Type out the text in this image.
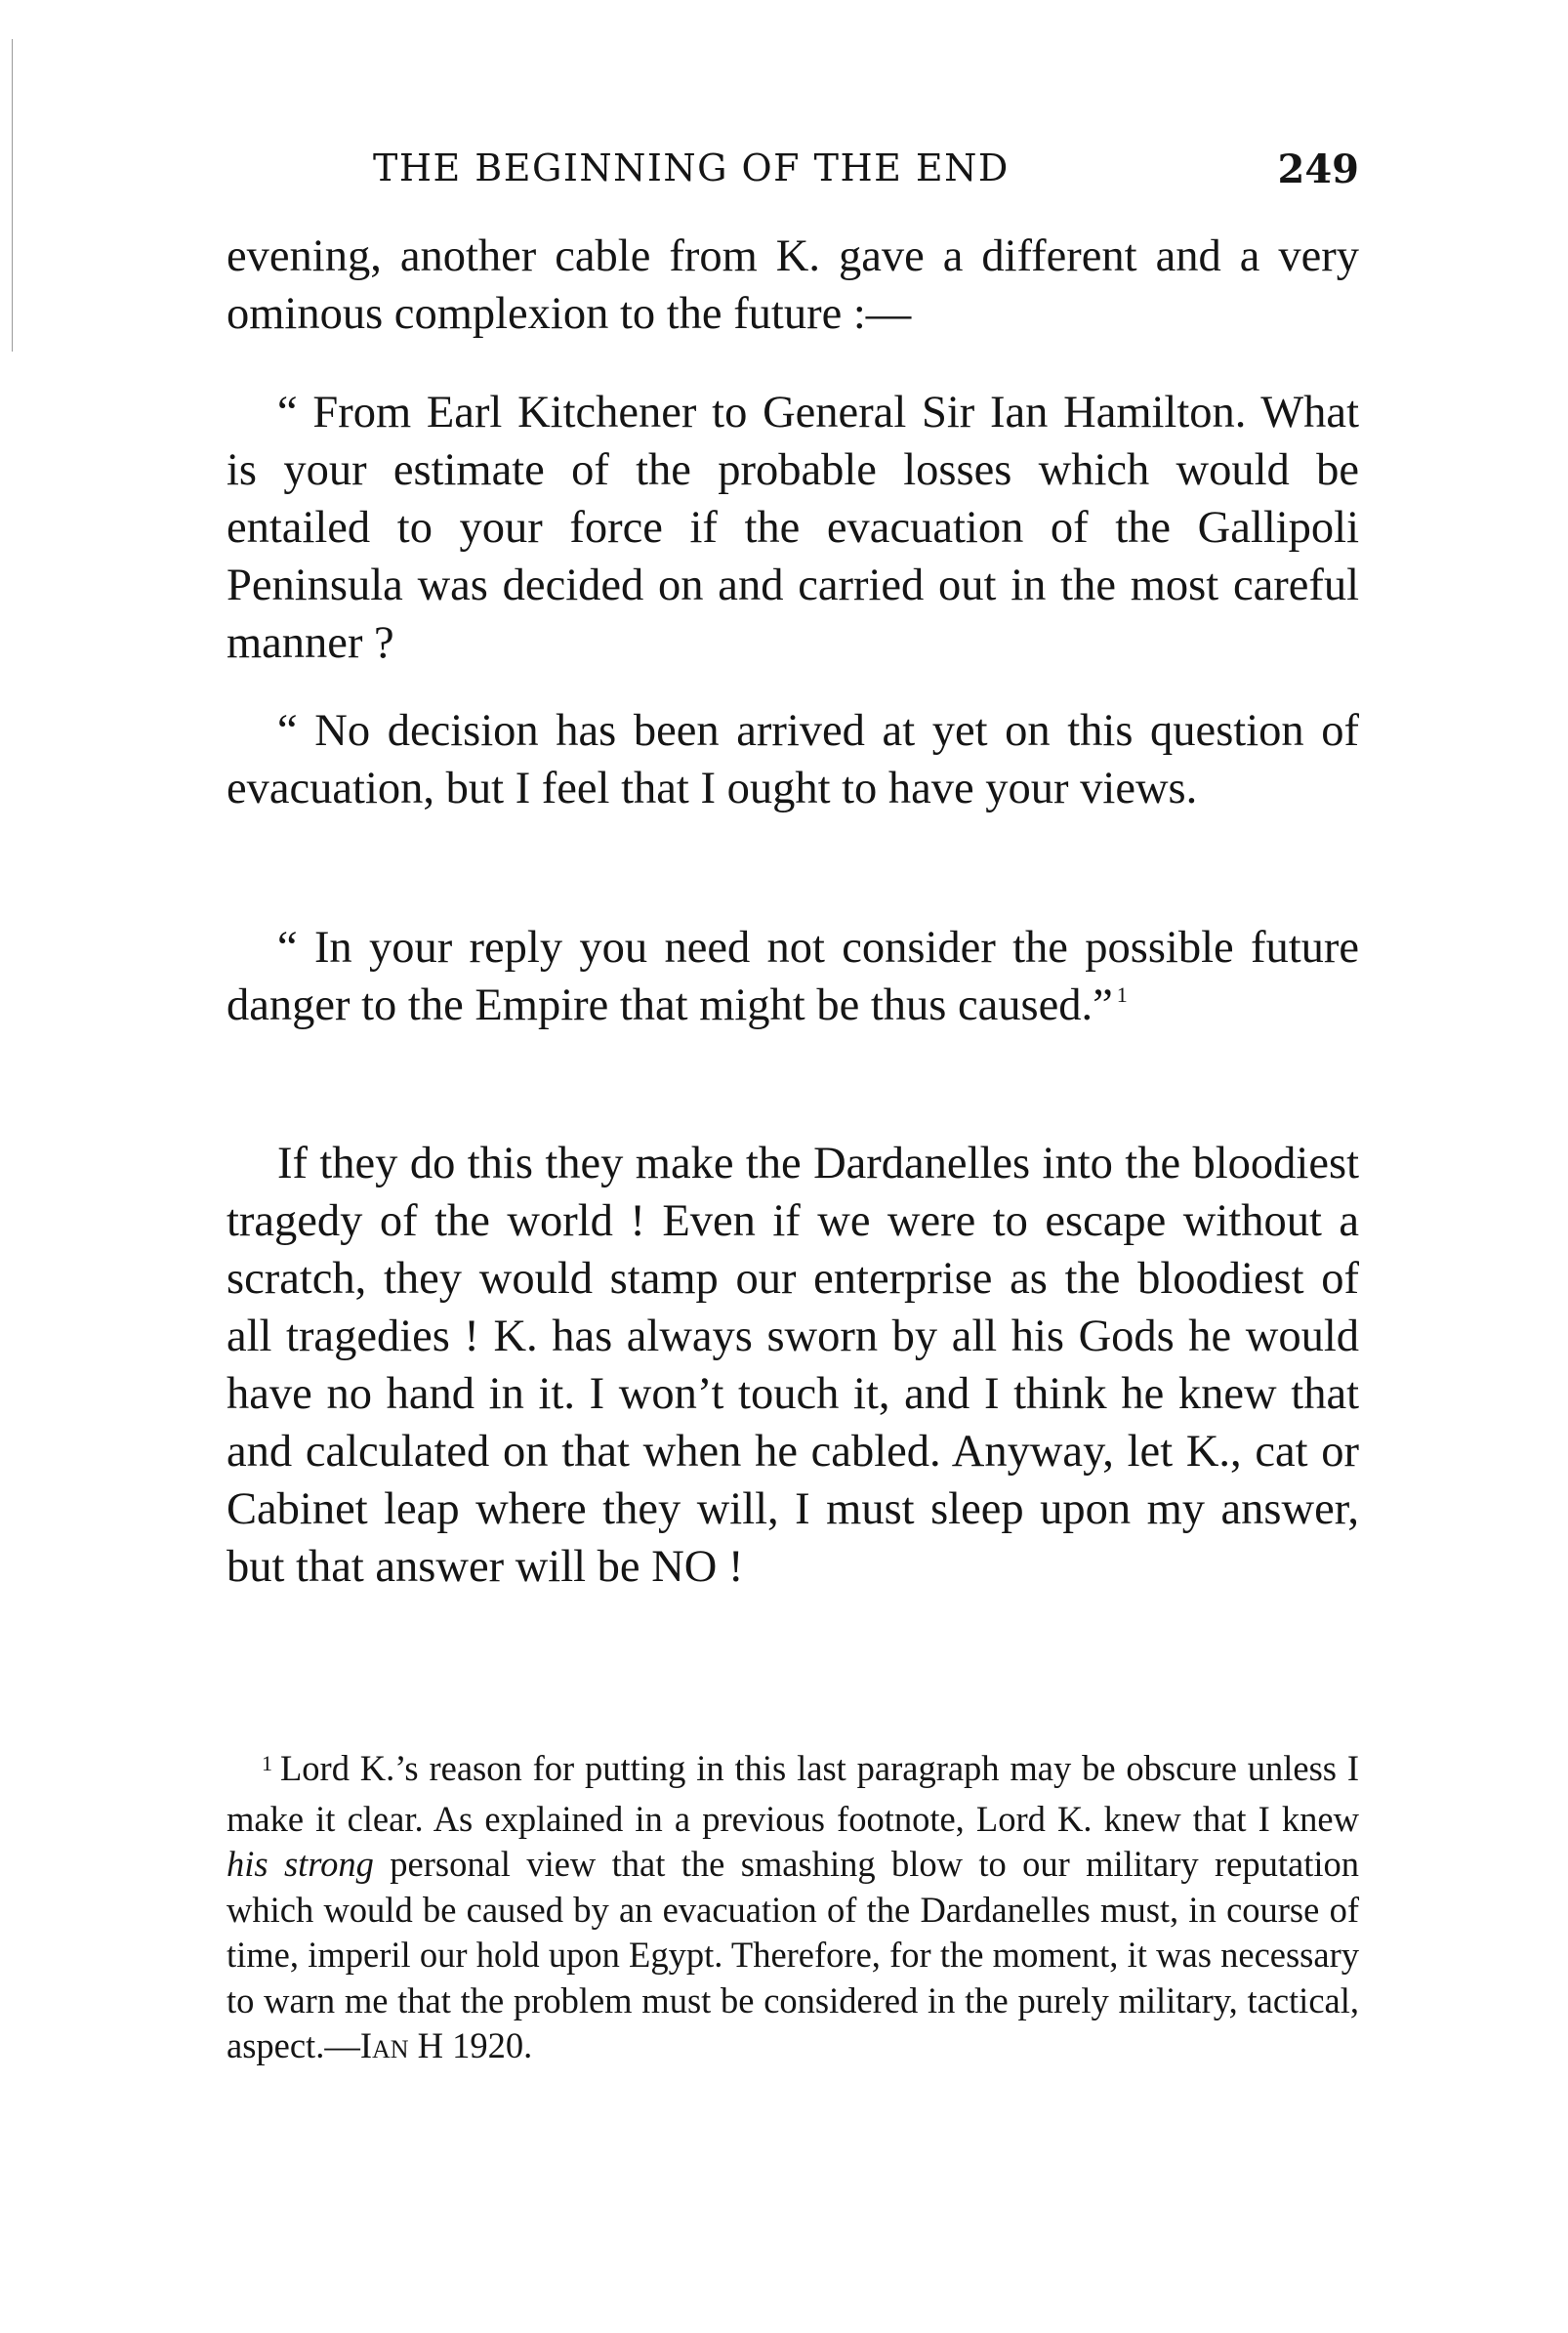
THE BEGINNING OF THE END	249

evening, another cable from K. gave a different and a very ominous complexion to the future :—

“ From Earl Kitchener to General Sir Ian Hamilton. What is your estimate of the probable losses which would be entailed to your force if the evacuation of the Gallipoli Peninsula was decided on and carried out in the most careful manner ?

“ No decision has been arrived at yet on this question of evacuation, but I feel that I ought to have your views.

“ In your reply you need not consider the possible future danger to the Empire that might be thus caused.” $^1$

If they do this they make the Dardanelles into the bloodiest tragedy of the world ! Even if we were to escape without a scratch, they would stamp our enterprise as the bloodiest of all tragedies ! K. has always sworn by all his Gods he would have no hand in it. I won’t touch it, and I think he knew that and calculated on that when he cabled. Anyway, let K., cat or Cabinet leap where they will, I must sleep upon my answer, but that answer will be NO !

$^1$ Lord K.’s reason for putting in this last paragraph may be obscure unless I make it clear. As explained in a previous footnote, Lord K. knew that I knew his strong personal view that the smashing blow to our military reputation which would be caused by an evacuation of the Dardanelles must, in course of time, imperil our hold upon Egypt. Therefore, for the moment, it was necessary to warn me that the problem must be considered in the purely military, tactical, aspect.—Ian H 1920.
